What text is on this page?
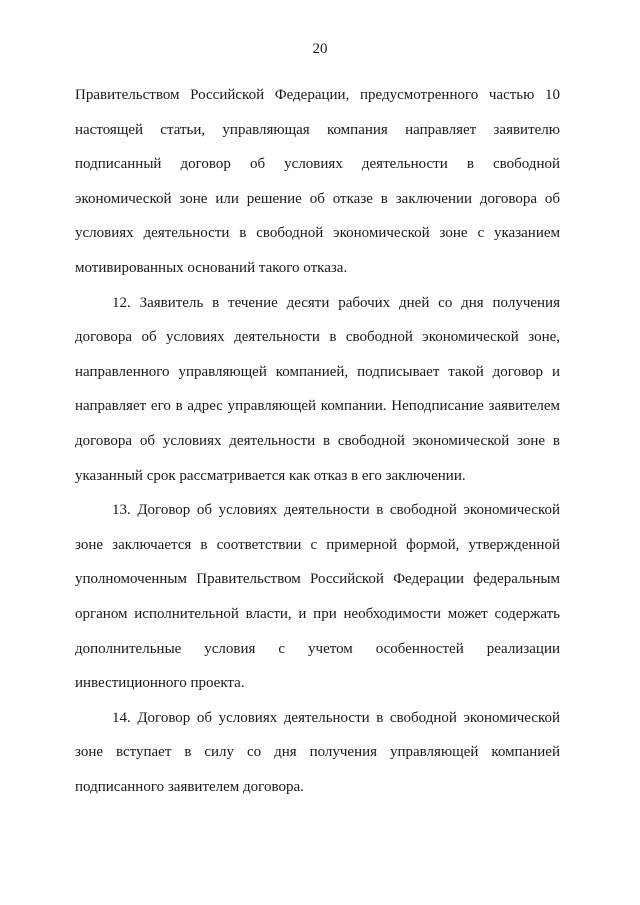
20

Правительством Российской Федерации, предусмотренного частью 10 настоящей статьи, управляющая компания направляет заявителю подписанный договор об условиях деятельности в свободной экономической зоне или решение об отказе в заключении договора об условиях деятельности в свободной экономической зоне с указанием мотивированных оснований такого отказа.

12. Заявитель в течение десяти рабочих дней со дня получения договора об условиях деятельности в свободной экономической зоне, направленного управляющей компанией, подписывает такой договор и направляет его в адрес управляющей компании. Неподписание заявителем договора об условиях деятельности в свободной экономической зоне в указанный срок рассматривается как отказ в его заключении.

13. Договор об условиях деятельности в свободной экономической зоне заключается в соответствии с примерной формой, утвержденной уполномоченным Правительством Российской Федерации федеральным органом исполнительной власти, и при необходимости может содержать дополнительные условия с учетом особенностей реализации инвестиционного проекта.

14. Договор об условиях деятельности в свободной экономической зоне вступает в силу со дня получения управляющей компанией подписанного заявителем договора.
